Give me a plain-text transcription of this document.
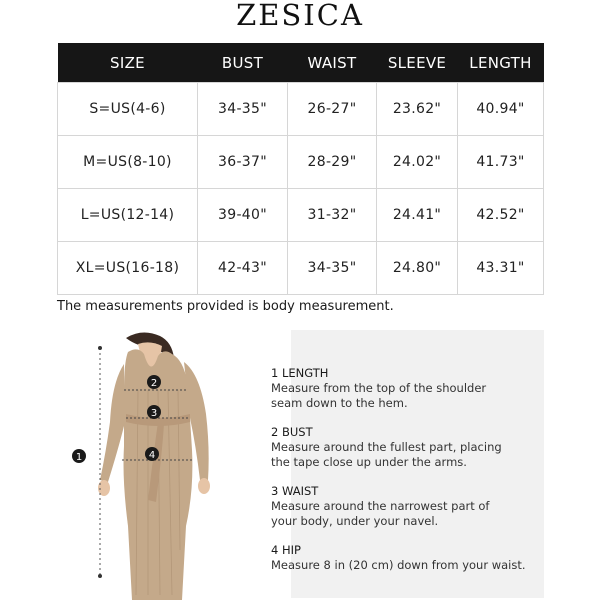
ZESICA
SIZE	BUST	WAIST	SLEEVE	LENGTH
S=US(4-6)	34-35"	26-27"	23.62"	40.94"
M=US(8-10)	36-37"	28-29"	24.02"	41.73"
L=US(12-14)	39-40"	31-32"	24.41"	42.52"
XL=US(16-18)	42-43"	34-35"	24.80"	43.31"
The measurements provided is body measurement.
1
2
3
4
1 LENGTH
Measure from the top of the shoulder
seam down to the hem.
2 BUST
Measure around the fullest part, placing
the tape close up under the arms.
3 WAIST
Measure around the narrowest part of
your body, under your navel.
4 HIP
Measure 8 in (20 cm) down from your waist.
